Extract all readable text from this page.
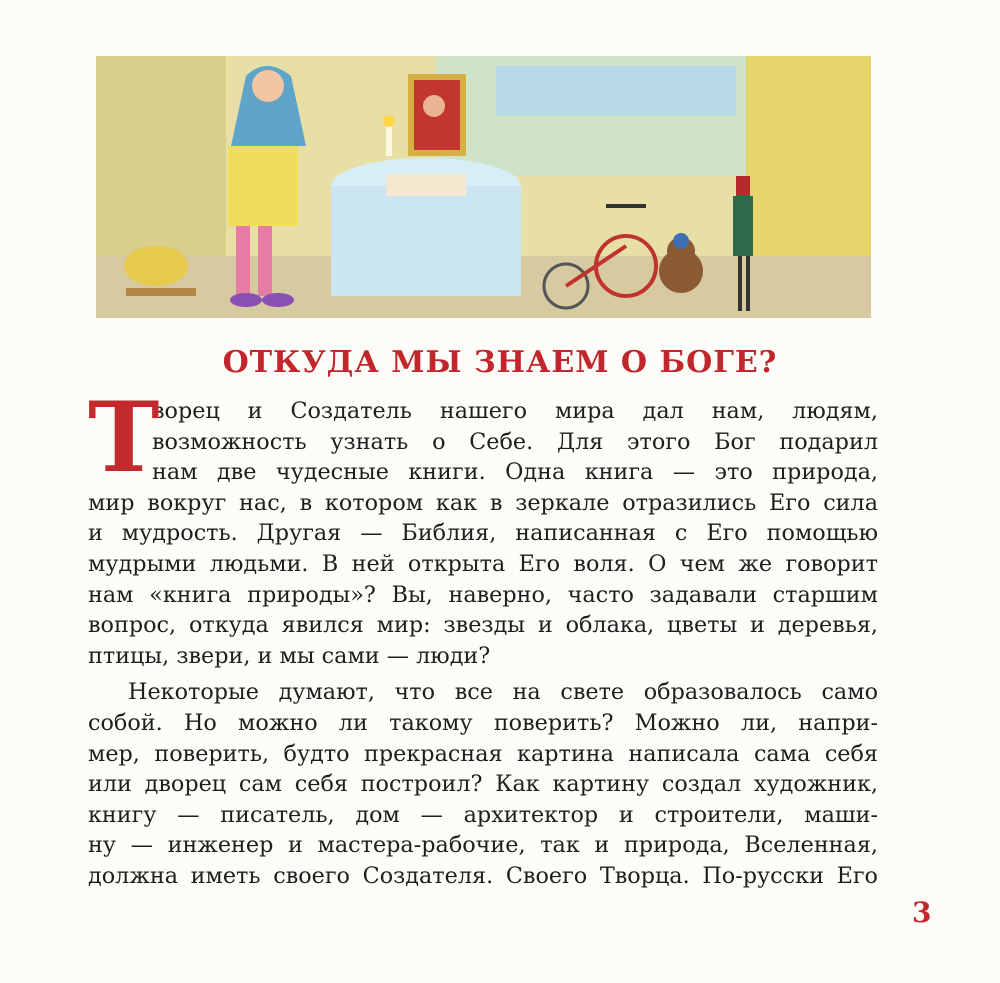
ОТКУДА МЫ ЗНАЕМ О БОГЕ?
Т
ворец и Создатель нашего мира дал нам, людям,
возможность узнать о Себе. Для этого Бог подарил
нам две чудесные книги. Одна книга — это природа,
мир вокруг нас, в котором как в зеркале отразились Его сила
и мудрость. Другая — Библия, написанная с Его помощью
мудрыми людьми. В ней открыта Его воля. О чем же говорит
нам «книга природы»? Вы, наверно, часто задавали старшим
вопрос, откуда явился мир: звезды и облака, цветы и деревья,
птицы, звери, и мы сами — люди?
Некоторые думают, что все на свете образовалось само
собой. Но можно ли такому поверить? Можно ли, напри-
мер, поверить, будто прекрасная картина написала сама себя
или дворец сам себя построил? Как картину создал художник,
книгу — писатель, дом — архитектор и строители, маши-
ну — инженер и мастера-рабочие, так и природа, Вселенная,
должна иметь своего Создателя. Своего Творца. По-русски Его
3
